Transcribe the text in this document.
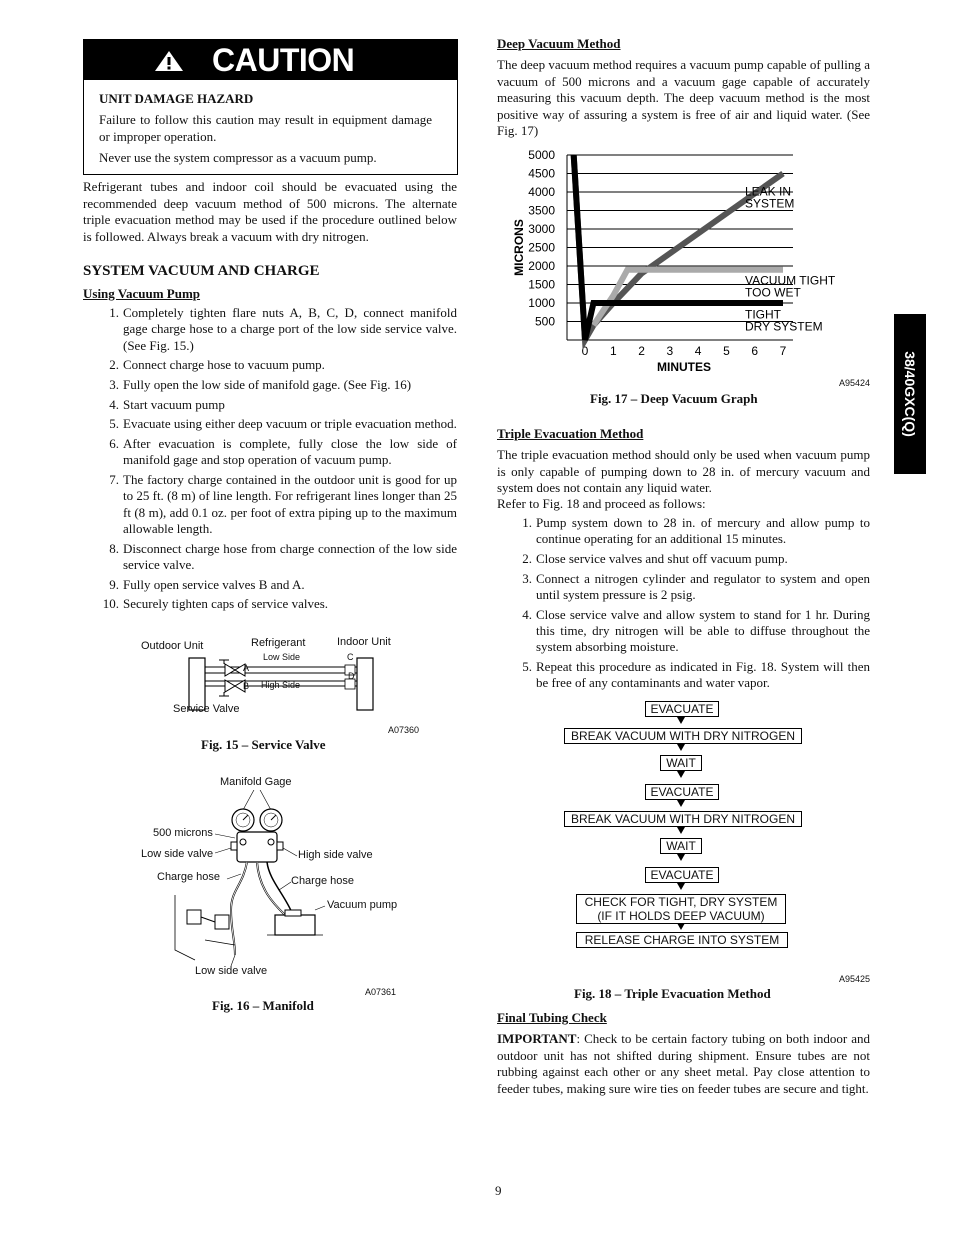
CAUTION
UNIT DAMAGE HAZARD

Failure to follow this caution may result in equipment damage or improper operation.

Never use the system compressor as a vacuum pump.

Refrigerant tubes and indoor coil should be evacuated using the recommended deep vacuum method of 500 microns. The alternate triple evacuation method may be used if the procedure outlined below is followed. Always break a vacuum with dry nitrogen.

SYSTEM VACUUM AND CHARGE
Using Vacuum Pump
1. Completely tighten flare nuts A, B, C, D, connect manifold gage charge hose to a charge port of the low side service valve. (See Fig. 15.)
2. Connect charge hose to vacuum pump.
3. Fully open the low side of manifold gage. (See Fig. 16)
4. Start vacuum pump
5. Evacuate using either deep vacuum or triple evacuation method.
6. After evacuation is complete, fully close the low side of manifold gage and stop operation of vacuum pump.
7. The factory charge contained in the outdoor unit is good for up to 25 ft. (8 m) of line length. For refrigerant lines longer than 25 ft (8 m), add 0.1 oz. per foot of extra piping up to the maximum allowable length.
8. Disconnect charge hose from charge connection of the low side service valve.
9. Fully open service valves B and A.
10. Securely tighten caps of service valves.
Outdoor Unit	Refrigerant	Indoor Unit
A
B
C
D
Low Side
High Side
Service Valve
A07360
Fig. 15 – Service Valve
Manifold Gage
500 microns
Low side valve	High side valve
Charge hose	Charge hose
Vacuum pump
Low side valve
A07361
Fig. 16 – Manifold
Deep Vacuum Method

The deep vacuum method requires a vacuum pump capable of pulling a vacuum of 500 microns and a vacuum gage capable of accurately measuring this vacuum depth. The deep vacuum method is the most positive way of assuring a system is free of air and liquid water. (See Fig. 17)

500
1000
1500
2000
2500
3000
3500
4000
4500
5000
0 1 2 3 4 5 6 7
MINUTES
MICRONS
LEAK IN
SYSTEM
VACUUM TIGHT
TOO WET
TIGHT
DRY SYSTEM
A95424
Fig. 17 – Deep Vacuum Graph
Triple Evacuation Method

The triple evacuation method should only be used when vacuum pump is only capable of pumping down to 28 in. of mercury vacuum and system does not contain any liquid water.

Refer to Fig. 18 and proceed as follows:

1. Pump system down to 28 in. of mercury and allow pump to continue operating for an additional 15 minutes.
2. Close service valves and shut off vacuum pump.
3. Connect a nitrogen cylinder and regulator to system and open until system pressure is 2 psig.
4. Close service valve and allow system to stand for 1 hr. During this time, dry nitrogen will be able to diffuse throughout the system absorbing moisture.
5. Repeat this procedure as indicated in Fig. 18. System will then be free of any contaminants and water vapor.
EVACUATE
BREAK VACUUM WITH DRY NITROGEN
WAIT
EVACUATE
BREAK VACUUM WITH DRY NITROGEN
WAIT
EVACUATE
CHECK FOR TIGHT, DRY SYSTEM
(IF IT HOLDS DEEP VACUUM)
RELEASE CHARGE INTO SYSTEM
A95425
Fig. 18 – Triple Evacuation Method
Final Tubing Check

IMPORTANT: Check to be certain factory tubing on both indoor and outdoor unit has not shifted during shipment. Ensure tubes are not rubbing against each other or any sheet metal. Pay close attention to feeder tubes, making sure wire ties on feeder tubes are secure and tight.

38/40GXC(Q)
9
